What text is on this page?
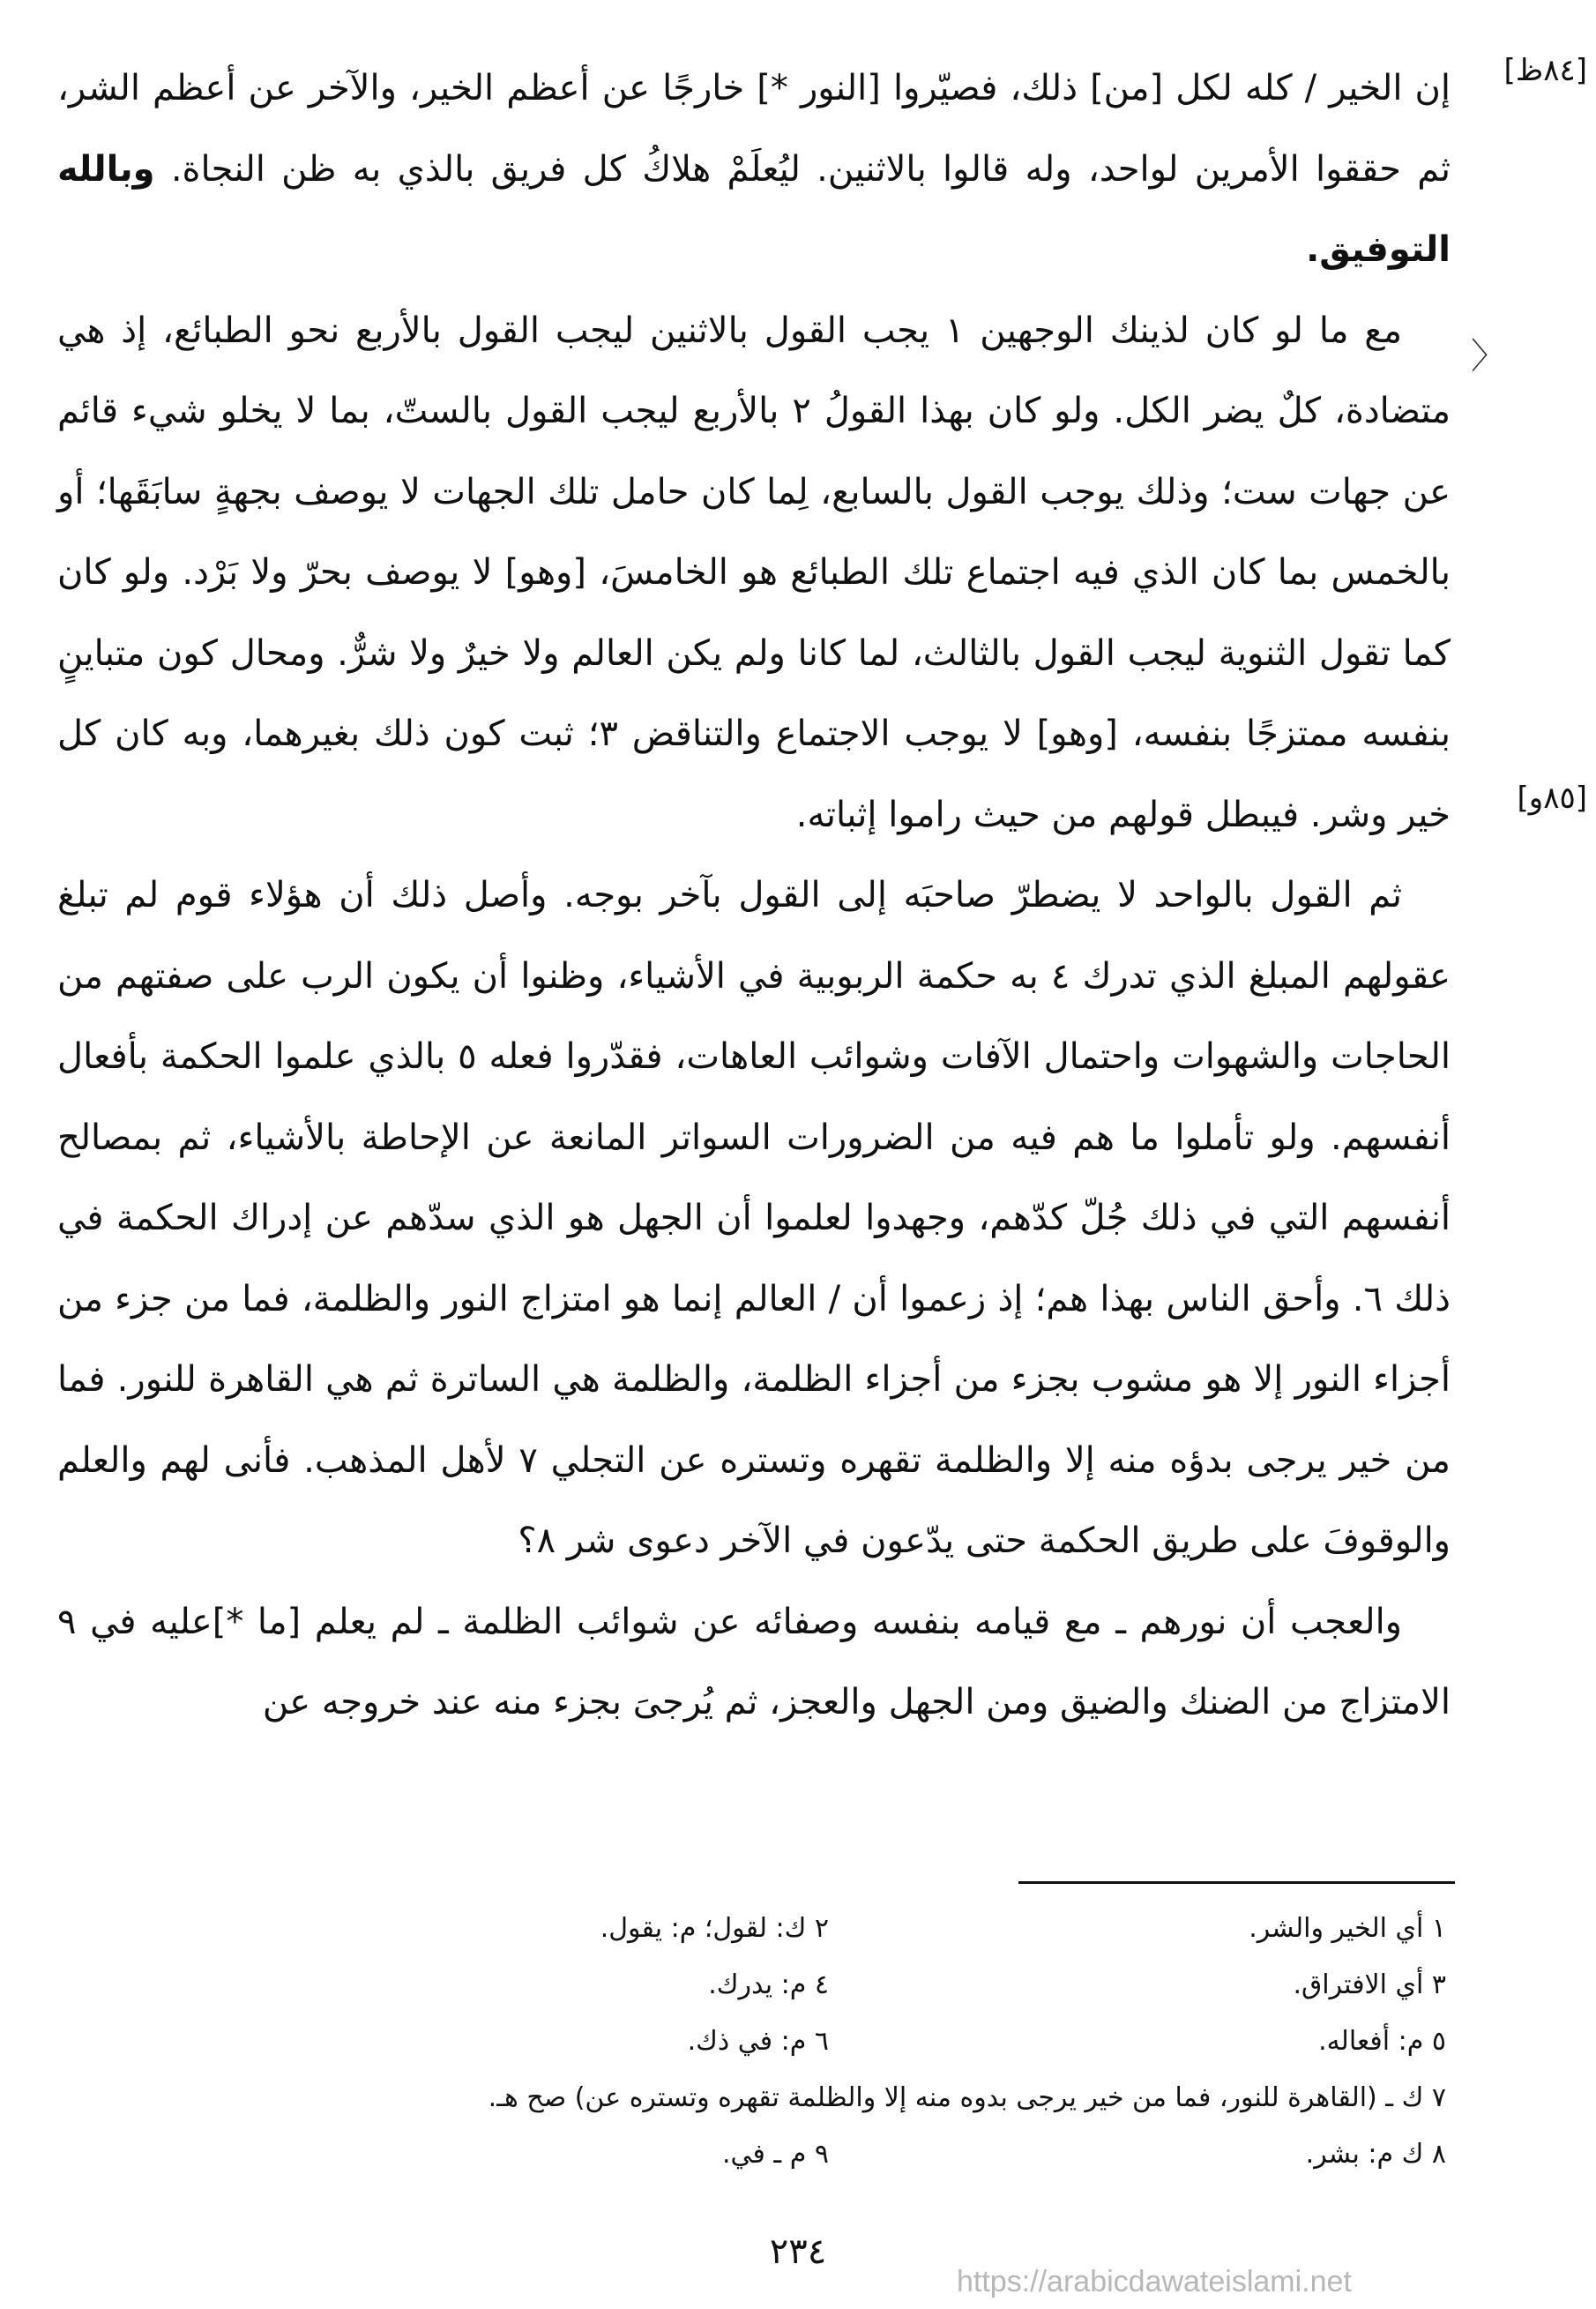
[٨٤ظ]
〉
[٨٥و]

إن الخير / كله لكل [من] ذلك، فصيّروا [النور *] خارجًا عن أعظم الخير، والآخر عن أعظم الشر، ثم حققوا الأمرين لواحد، وله قالوا بالاثنين. ليُعلَمْ هلاكُ كل فريق بالذي به ظن النجاة. وبالله التوفيق.

مع ما لو كان لذينك الوجهين ١ يجب القول بالاثنين ليجب القول بالأربع نحو الطبائع، إذ هي متضادة، كلٌ يضر الكل. ولو كان بهذا القولُ ٢ بالأربع ليجب القول بالستّ، بما لا يخلو شيء قائم عن جهات ست؛ وذلك يوجب القول بالسابع، لِما كان حامل تلك الجهات لا يوصف بجهةٍ سابَقَها؛ أو بالخمس بما كان الذي فيه اجتماع تلك الطبائع هو الخامسَ، [وهو] لا يوصف بحرّ ولا بَرْد. ولو كان كما تقول الثنوية ليجب القول بالثالث، لما كانا ولم يكن العالم ولا خيرٌ ولا شرٌّ. ومحال كون متباينٍ بنفسه ممتزجًا بنفسه، [وهو] لا يوجب الاجتماع والتناقض ٣؛ ثبت كون ذلك بغيرهما، وبه كان كل خير وشر. فيبطل قولهم من حيث راموا إثباته.

ثم القول بالواحد لا يضطرّ صاحبَه إلى القول بآخر بوجه. وأصل ذلك أن هؤلاء قوم لم تبلغ عقولهم المبلغ الذي تدرك ٤ به حكمة الربوبية في الأشياء، وظنوا أن يكون الرب على صفتهم من الحاجات والشهوات واحتمال الآفات وشوائب العاهات، فقدّروا فعله ٥ بالذي علموا الحكمة بأفعال أنفسهم. ولو تأملوا ما هم فيه من الضرورات السواتر المانعة عن الإحاطة بالأشياء، ثم بمصالح أنفسهم التي في ذلك جُلّ كدّهم، وجهدوا لعلموا أن الجهل هو الذي سدّهم عن إدراك الحكمة في ذلك ٦. وأحق الناس بهذا هم؛ إذ زعموا أن / العالم إنما هو امتزاج النور والظلمة، فما من جزء من أجزاء النور إلا هو مشوب بجزء من أجزاء الظلمة، والظلمة هي الساترة ثم هي القاهرة للنور. فما من خير يرجى بدؤه منه إلا والظلمة تقهره وتستره عن التجلي ٧ لأهل المذهب. فأنى لهم والعلم والوقوفَ على طريق الحكمة حتى يدّعون في الآخر دعوى شر ٨؟

والعجب أن نورهم ـ مع قيامه بنفسه وصفائه عن شوائب الظلمة ـ لم يعلم [ما *]عليه في ٩ الامتزاج من الضنك والضيق ومن الجهل والعجز، ثم يُرجىَ بجزء منه عند خروجه عن

١ أي الخير والشر.
٢ ك: لقول؛ م: يقول.
٣ أي الافتراق.
٤ م: يدرك.
٥ م: أفعاله.
٦ م: في ذك.
٧ ك ـ (القاهرة للنور، فما من خير يرجى بدوه منه إلا والظلمة تقهره وتستره عن) صح هـ.
٨ ك م: بشر.
٩ م ـ في.
٢٣٤
https://arabicdawateislami.net
